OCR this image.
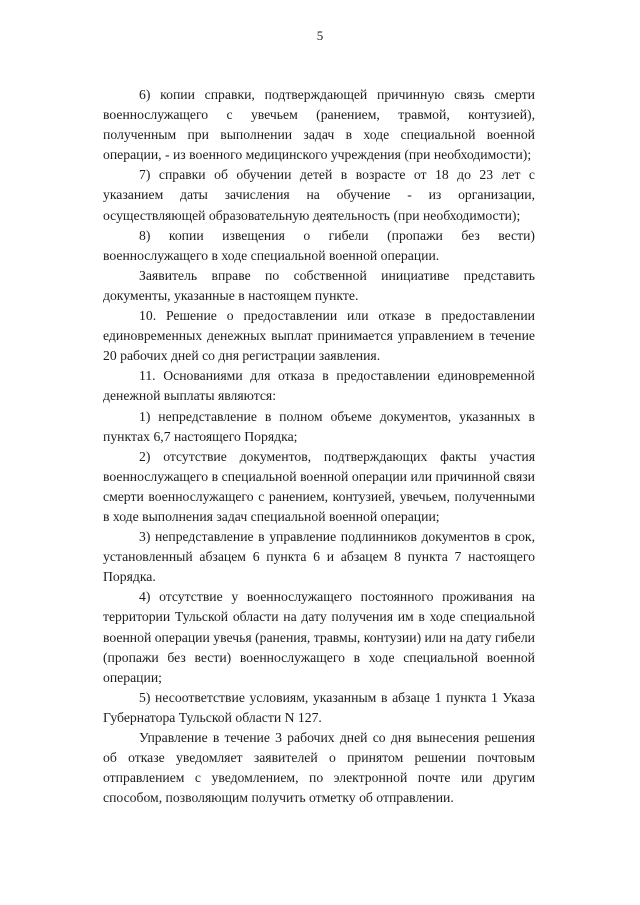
5

6) копии справки, подтверждающей причинную связь смерти военнослужащего с увечьем (ранением, травмой, контузией), полученным при выполнении задач в ходе специальной военной операции, - из военного медицинского учреждения (при необходимости);

7) справки об обучении детей в возрасте от 18 до 23 лет с указанием даты зачисления на обучение - из организации, осуществляющей образовательную деятельность (при необходимости);

8) копии извещения о гибели (пропажи без вести) военнослужащего в ходе специальной военной операции.

Заявитель вправе по собственной инициативе представить документы, указанные в настоящем пункте.

10. Решение о предоставлении или отказе в предоставлении единовременных денежных выплат принимается управлением в течение 20 рабочих дней со дня регистрации заявления.

11. Основаниями для отказа в предоставлении единовременной денежной выплаты являются:

1) непредставление в полном объеме документов, указанных в пунктах 6,7 настоящего Порядка;

2) отсутствие документов, подтверждающих факты участия военнослужащего в специальной военной операции или причинной связи смерти военнослужащего с ранением, контузией, увечьем, полученными в ходе выполнения задач специальной военной операции;

3) непредставление в управление подлинников документов в срок, установленный абзацем 6 пункта 6 и абзацем 8 пункта 7 настоящего Порядка.

4) отсутствие у военнослужащего постоянного проживания на территории Тульской области на дату получения им в ходе специальной военной операции увечья (ранения, травмы, контузии) или на дату гибели (пропажи без вести) военнослужащего в ходе специальной военной операции;

5) несоответствие условиям, указанным в абзаце 1 пункта 1 Указа Губернатора Тульской области N 127.

Управление в течение 3 рабочих дней со дня вынесения решения об отказе уведомляет заявителей о принятом решении почтовым отправлением с уведомлением, по электронной почте или другим способом, позволяющим получить отметку об отправлении.
